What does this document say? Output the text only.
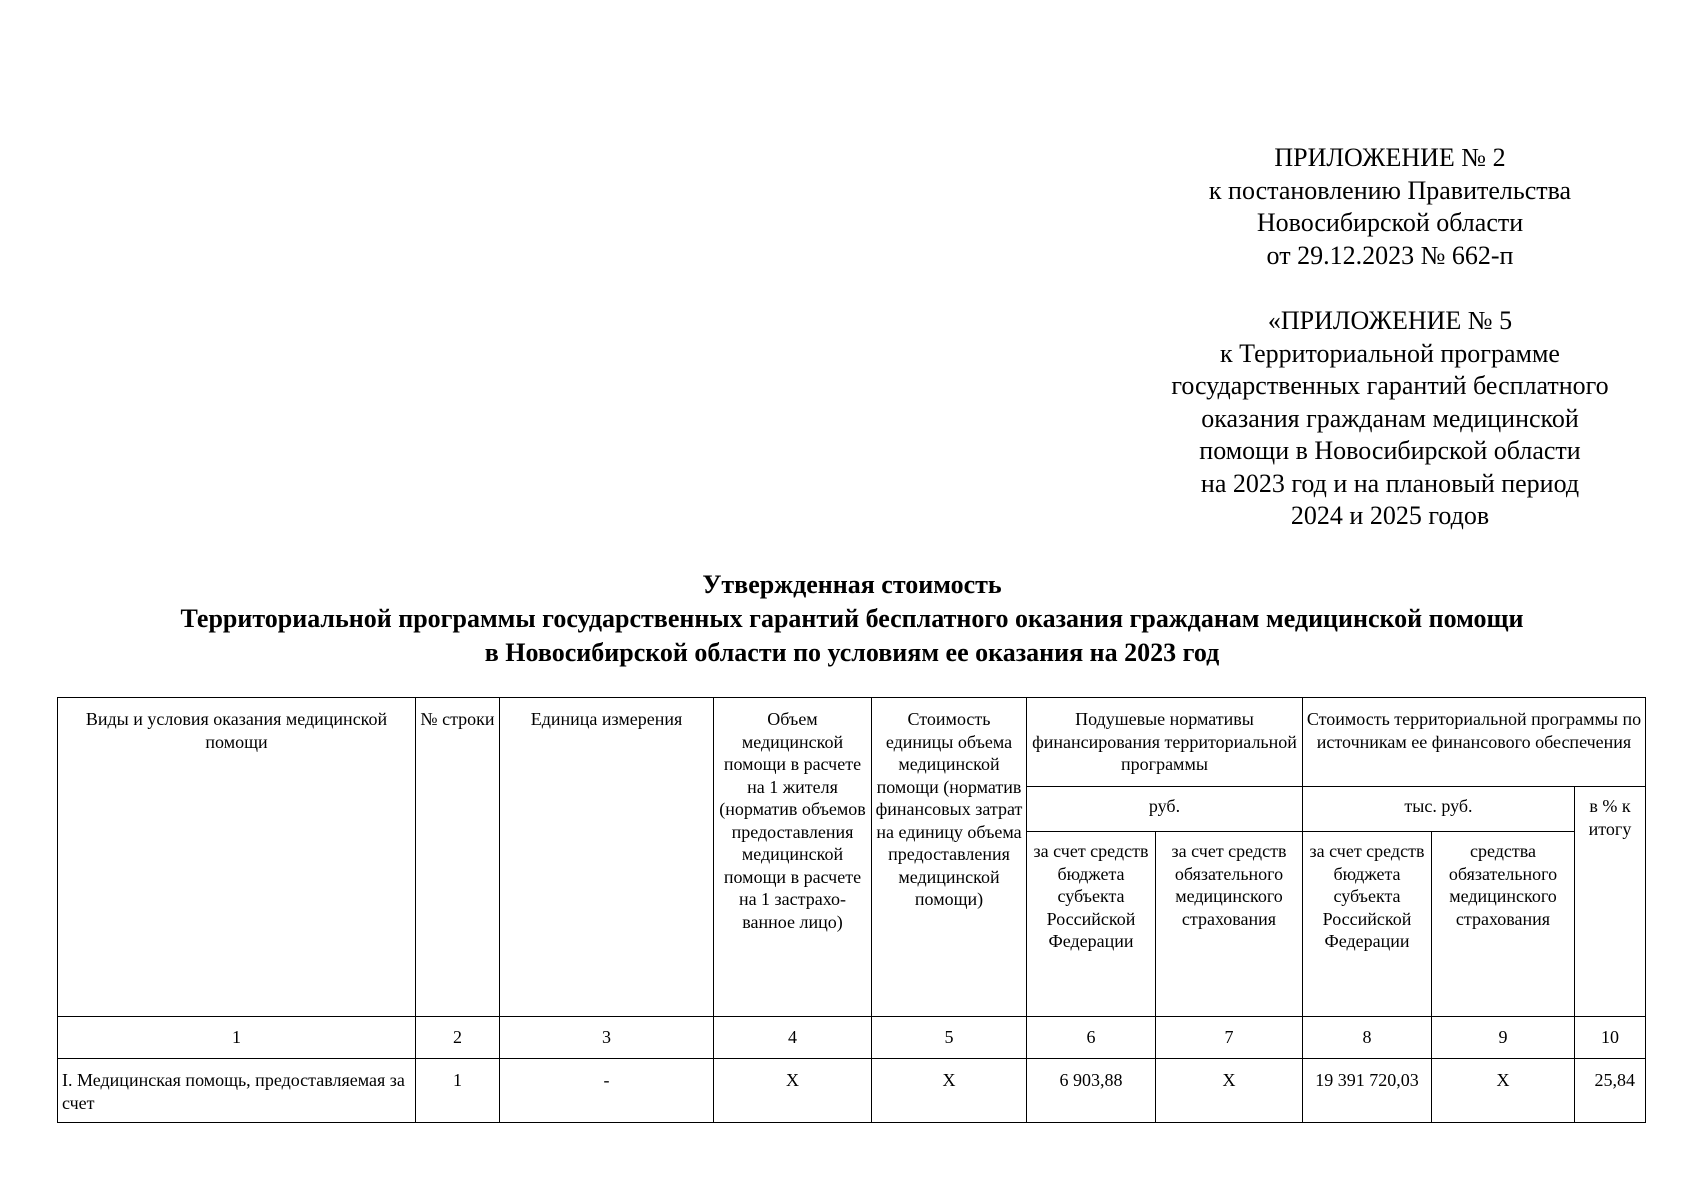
ПРИЛОЖЕНИЕ № 2
к постановлению Правительства
Новосибирской области
от 29.12.2023 № 662-п
«ПРИЛОЖЕНИЕ № 5
к Территориальной программе
государственных гарантий бесплатного
оказания гражданам медицинской
помощи в Новосибирской области
на 2023 год и на плановый период
2024 и 2025 годов
Утвержденная стоимость
Территориальной программы государственных гарантий бесплатного оказания гражданам медицинской помощи
в Новосибирской области по условиям ее оказания на 2023 год
Виды и условия оказания медицинской помощи	№ строки	Единица измерения	Объем медицинской помощи в расчете на 1 жителя (норматив объемов предоставления медицинской помощи в расчете на 1 застрахо-ванное лицо)	Стоимость единицы объема медицинской помощи (норматив финансовых затрат на единицу объема предоставления медицинской помощи)	Подушевые нормативы финансирования территориальной программы		Стоимость территориальной программы по источникам ее финансового обеспечения		
					руб.		тыс. руб.		в % к итогу
					за счет средств бюджета субъекта Российской Федерации	за счет средств обязательного медицинского страхования	за счет средств бюджета субъекта Российской Федерации	средства обязательного медицинского страхования	
1	2	3	4	5	6	7	8	9	10
I. Медицинская помощь, предоставляемая за счет	1	-	Х	Х	6 903,88	Х	19 391 720,03	Х	25,84
